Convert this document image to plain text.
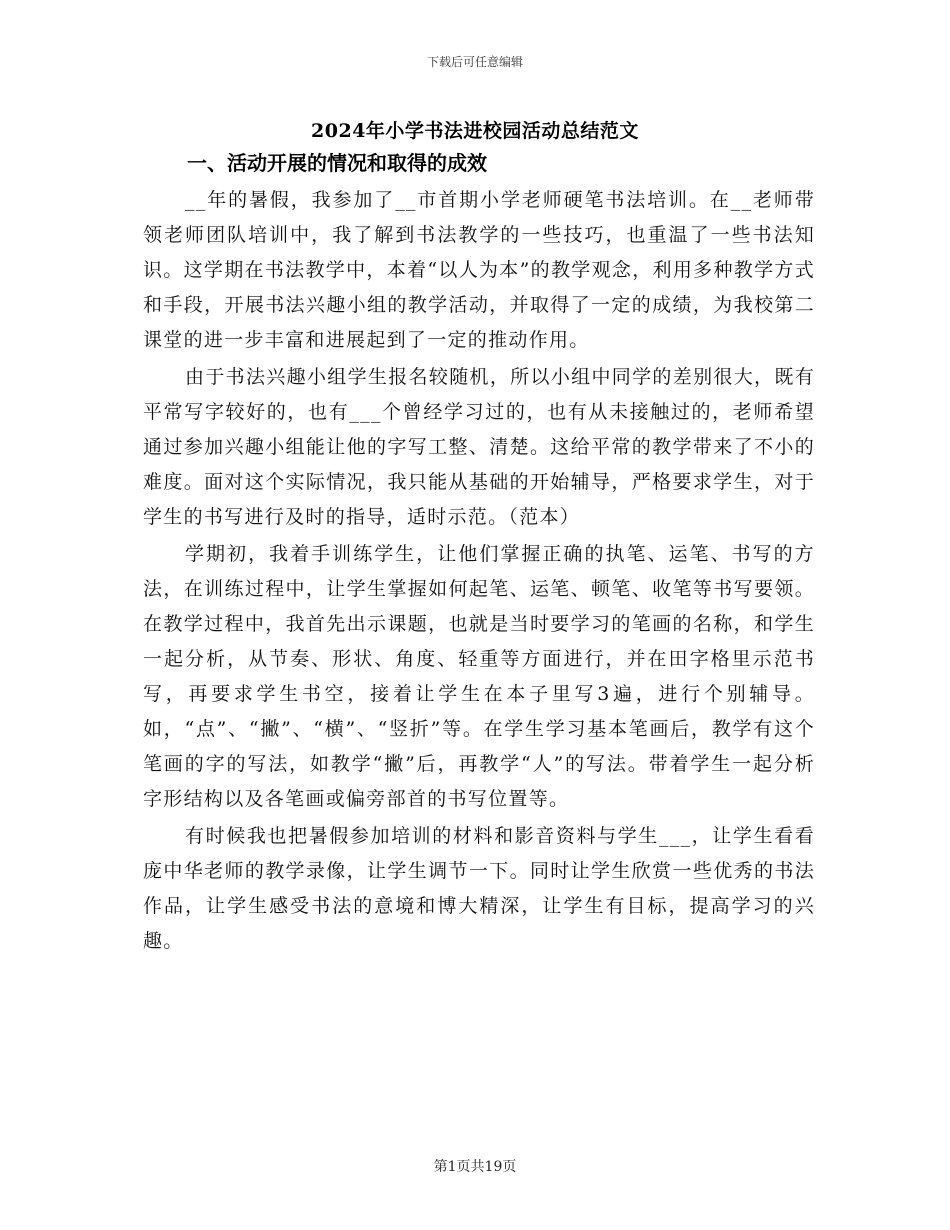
下载后可任意编辑
2024年小学书法进校园活动总结范文
一、活动开展的情况和取得的成效

__年的暑假，我参加了__市首期小学老师硬笔书法培训。在__老师带领老师团队培训中，我了解到书法教学的一些技巧，也重温了一些书法知识。这学期在书法教学中，本着“以人为本”的教学观念，利用多种教学方式和手段，开展书法兴趣小组的教学活动，并取得了一定的成绩，为我校第二课堂的进一步丰富和进展起到了一定的推动作用。

由于书法兴趣小组学生报名较随机，所以小组中同学的差别很大，既有平常写字较好的，也有___个曾经学习过的，也有从未接触过的，老师希望通过参加兴趣小组能让他的字写工整、清楚。这给平常的教学带来了不小的难度。面对这个实际情况，我只能从基础的开始辅导，严格要求学生，对于学生的书写进行及时的指导，适时示范。（范本）

学期初，我着手训练学生，让他们掌握正确的执笔、运笔、书写的方法，在训练过程中，让学生掌握如何起笔、运笔、顿笔、收笔等书写要领。在教学过程中，我首先出示课题，也就是当时要学习的笔画的名称，和学生一起分析，从节奏、形状、角度、轻重等方面进行，并在田字格里示范书写，再要求学生书空，接着让学生在本子里写3遍，进行个别辅导。如，“点”、“撇”、“横”、“竖折”等。在学生学习基本笔画后，教学有这个笔画的字的写法，如教学“撇”后，再教学“人”的写法。带着学生一起分析字形结构以及各笔画或偏旁部首的书写位置等。

有时候我也把暑假参加培训的材料和影音资料与学生___，让学生看看庞中华老师的教学录像，让学生调节一下。同时让学生欣赏一些优秀的书法作品，让学生感受书法的意境和博大精深，让学生有目标，提高学习的兴趣。

第1页共19页
